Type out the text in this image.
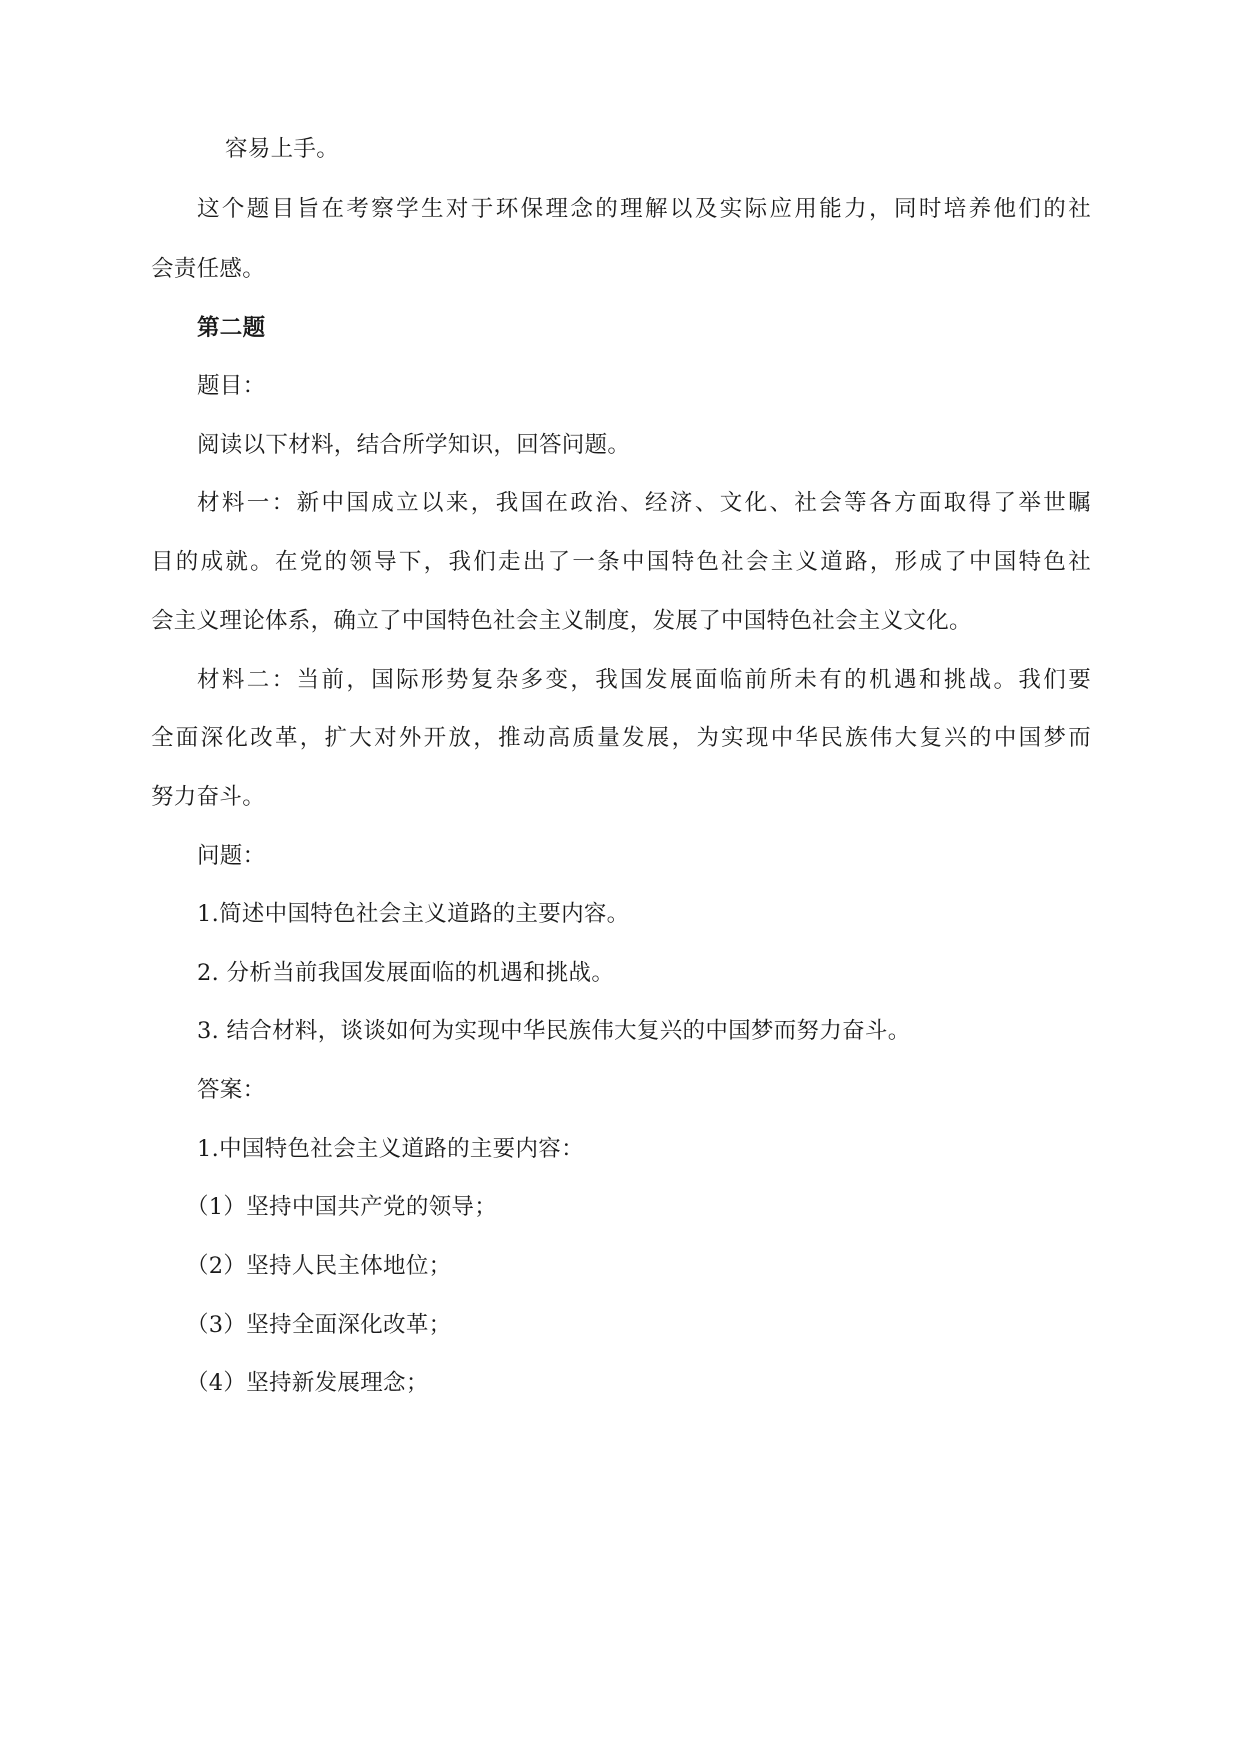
容易上手。
这个题目旨在考察学生对于环保理念的理解以及实际应用能力，同时培养他们的社
会责任感。
第二题
题目：
阅读以下材料，结合所学知识，回答问题。
材料一：新中国成立以来，我国在政治、经济、文化、社会等各方面取得了举世瞩
目的成就。在党的领导下，我们走出了一条中国特色社会主义道路，形成了中国特色社
会主义理论体系，确立了中国特色社会主义制度，发展了中国特色社会主义文化。
材料二：当前，国际形势复杂多变，我国发展面临前所未有的机遇和挑战。我们要
全面深化改革，扩大对外开放，推动高质量发展，为实现中华民族伟大复兴的中国梦而
努力奋斗。
问题：
1.简述中国特色社会主义道路的主要内容。
2. 分析当前我国发展面临的机遇和挑战。
3. 结合材料，谈谈如何为实现中华民族伟大复兴的中国梦而努力奋斗。
答案：
1.中国特色社会主义道路的主要内容：
（1）坚持中国共产党的领导；
（2）坚持人民主体地位；
（3）坚持全面深化改革；
（4）坚持新发展理念；
